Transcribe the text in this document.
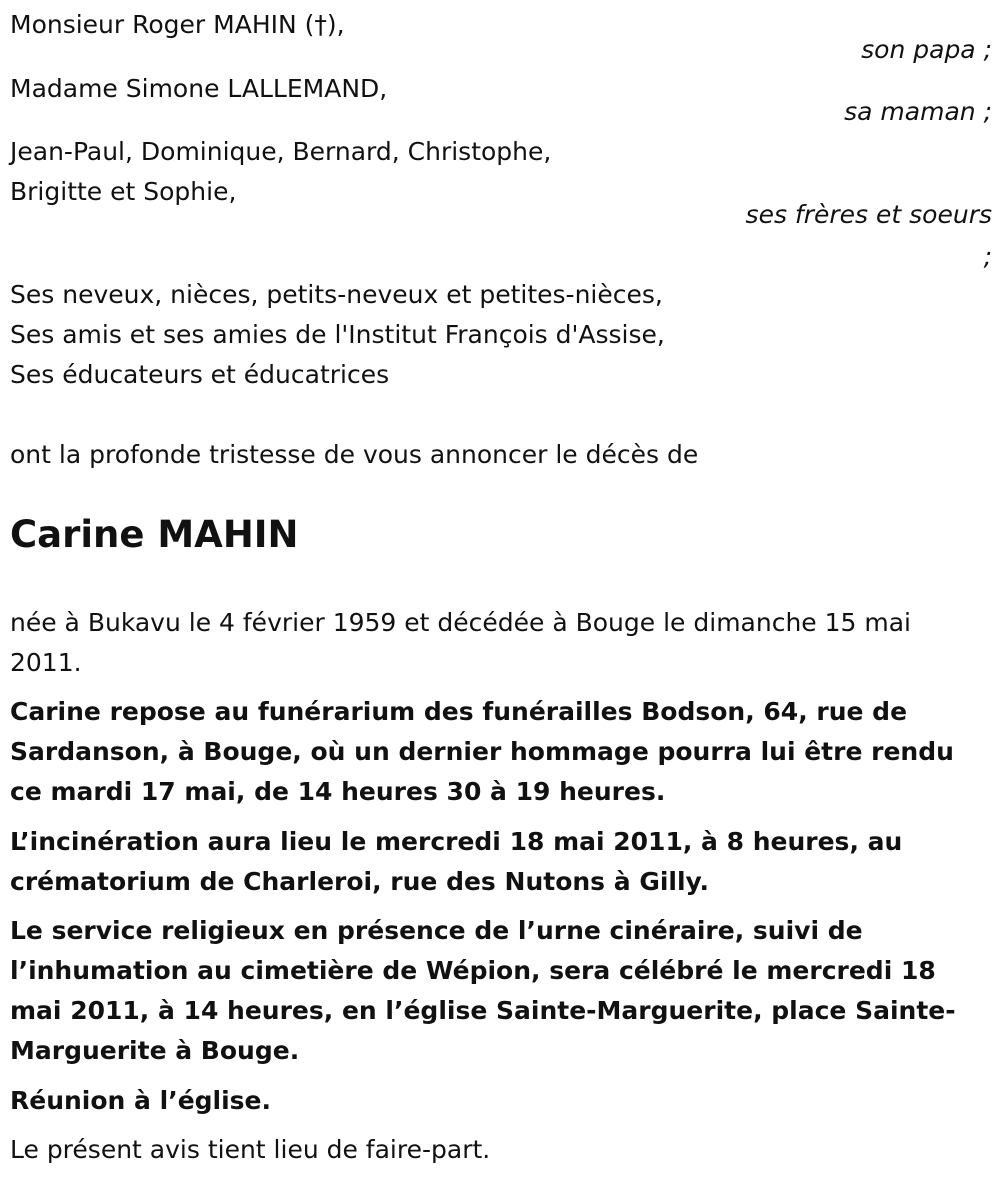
Monsieur Roger MAHIN (†),
son papa ;
Madame Simone LALLEMAND,
sa maman ;
Jean-Paul, Dominique, Bernard, Christophe,
Brigitte et Sophie,
ses frères et soeurs
;
Ses neveux, nièces, petits-neveux et petites-nièces,
Ses amis et ses amies de l'Institut François d'Assise,
Ses éducateurs et éducatrices
ont la profonde tristesse de vous annoncer le décès de
Carine MAHIN
née à Bukavu le 4 février 1959 et décédée à Bouge le dimanche 15 mai 2011.
Carine repose au funérarium des funérailles Bodson, 64, rue de Sardanson, à Bouge, où un dernier hommage pourra lui être rendu ce mardi 17 mai, de 14 heures 30 à 19 heures.
L’incinération aura lieu le mercredi 18 mai 2011, à 8 heures, au crématorium de Charleroi, rue des Nutons à Gilly.
Le service religieux en présence de l’urne cinéraire, suivi de l’inhumation au cimetière de Wépion, sera célébré le mercredi 18 mai 2011, à 14 heures, en l’église Sainte-Marguerite, place Sainte-Marguerite à Bouge.
Réunion à l’église.
Le présent avis tient lieu de faire-part.
